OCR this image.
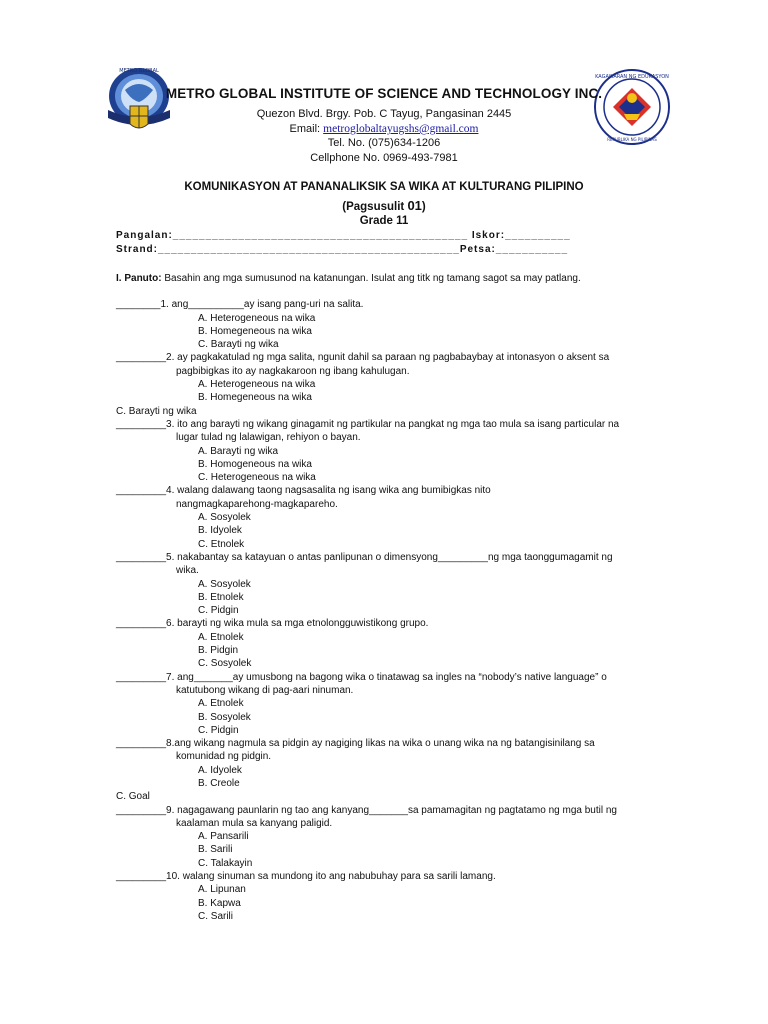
METRO GLOBAL
KAGAWARAN NG EDUKASYON
REPUBLIKA NG PILIPINAS
METRO GLOBAL INSTITUTE OF SCIENCE AND TECHNOLOGY INC.
Quezon Blvd. Brgy. Pob. C Tayug, Pangasinan 2445
Email: metroglobaltayugshs@gmail.com
Tel. No. (075)634-1206
Cellphone No. 0969-493-7981
KOMUNIKASYON AT PANANALIKSIK SA WIKA AT KULTURANG PILIPINO
(Pagsusulit 01)
Grade 11
Pangalan:_____________________________________________ Iskor:__________
Strand:______________________________________________Petsa:___________

I. Panuto: Basahin ang mga sumusunod na katanungan. Isulat ang titk ng tamang sagot sa may patlang.

________1. ang__________ay isang pang-uri na salita.

A. Heterogeneous na wika

B. Homegeneous na wika

C. Barayti ng wika

_________2. ay pagkakatulad ng mga salita, ngunit dahil sa paraan ng pagbabaybay at intonasyon o aksent sa

pagbibigkas ito ay nagkakaroon ng ibang kahulugan.

A. Heterogeneous na wika

B. Homegeneous na wika

C. Barayti ng wika

_________3. ito ang barayti ng wikang ginagamit ng partikular na pangkat ng mga tao mula sa isang particular na

lugar tulad ng lalawigan, rehiyon o bayan.

A. Barayti ng wika

B. Homogeneous na wika

C. Heterogeneous na wika

_________4. walang dalawang taong nagsasalita ng isang wika ang bumibigkas nito

nangmagkaparehong-magkapareho.

A. Sosyolek

B. Idyolek

C. Etnolek

_________5. nakabantay sa katayuan o antas panlipunan o dimensyong_________ng mga taonggumagamit ng

wika.

A. Sosyolek

B. Etnolek

C. Pidgin

_________6. barayti ng wika mula sa mga etnolongguwistikong grupo.

A. Etnolek

B. Pidgin

C. Sosyolek

_________7. ang_______ay umusbong na bagong wika o tinatawag sa ingles na “nobody’s native language” o

katutubong wikang di pag-aari ninuman.

A. Etnolek

B. Sosyolek

C. Pidgin

_________8.ang wikang nagmula sa pidgin ay nagiging likas na wika o unang wika na ng batangisinilang sa

komunidad ng pidgin.

A. Idyolek

B. Creole

C. Goal

_________9. nagagawang paunlarin ng tao ang kanyang_______sa pamamagitan ng pagtatamo ng mga butil ng

kaalaman mula sa kanyang paligid.

A. Pansarili

B. Sarili

C. Talakayin

_________10. walang sinuman sa mundong ito ang nabubuhay para sa sarili lamang.

A. Lipunan

B. Kapwa

C. Sarili
